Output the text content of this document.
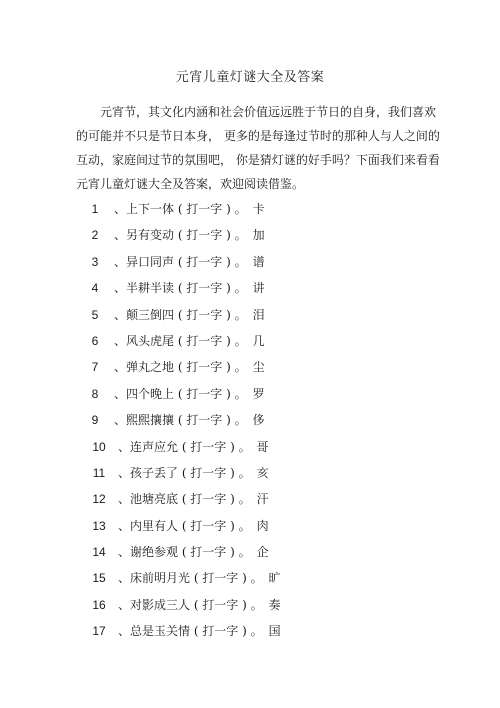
元宵儿童灯谜大全及答案

元宵节，其文化内涵和社会价值远远胜于节日的自身，我们喜欢
的可能并不只是节日本身， 更多的是每逢过节时的那种人与人之间的
互动，家庭间过节的氛围吧， 你是猜灯谜的好手吗？下面我们来看看
元宵儿童灯谜大全及答案，欢迎阅读借鉴。

1	、上下一体 ( 打一字 ) 。 卡
2	、另有变动 ( 打一字 ) 。 加
3	、异口同声 ( 打一字 ) 。 谱
4	、半耕半读 ( 打一字 ) 。 讲
5	、颠三倒四 ( 打一字 ) 。 泪
6	、风头虎尾 ( 打一字 ) 。 几
7	、弹丸之地 ( 打一字 ) 。 尘
8	、四个晚上 ( 打一字 ) 。 罗
9	、熙熙攘攘 ( 打一字 ) 。 侈
10	、连声应允 ( 打一字 ) 。 哥
11	、孩子丢了 ( 打一字 ) 。 亥
12	、池塘亮底 ( 打一字 ) 。 汗
13	、内里有人 ( 打一字 ) 。 肉
14	、谢绝参观 ( 打一字 ) 。 企
15	、床前明月光 ( 打一字 ) 。 旷
16	、对影成三人 ( 打一字 ) 。 奏
17	、总是玉关情 ( 打一字 ) 。 国
